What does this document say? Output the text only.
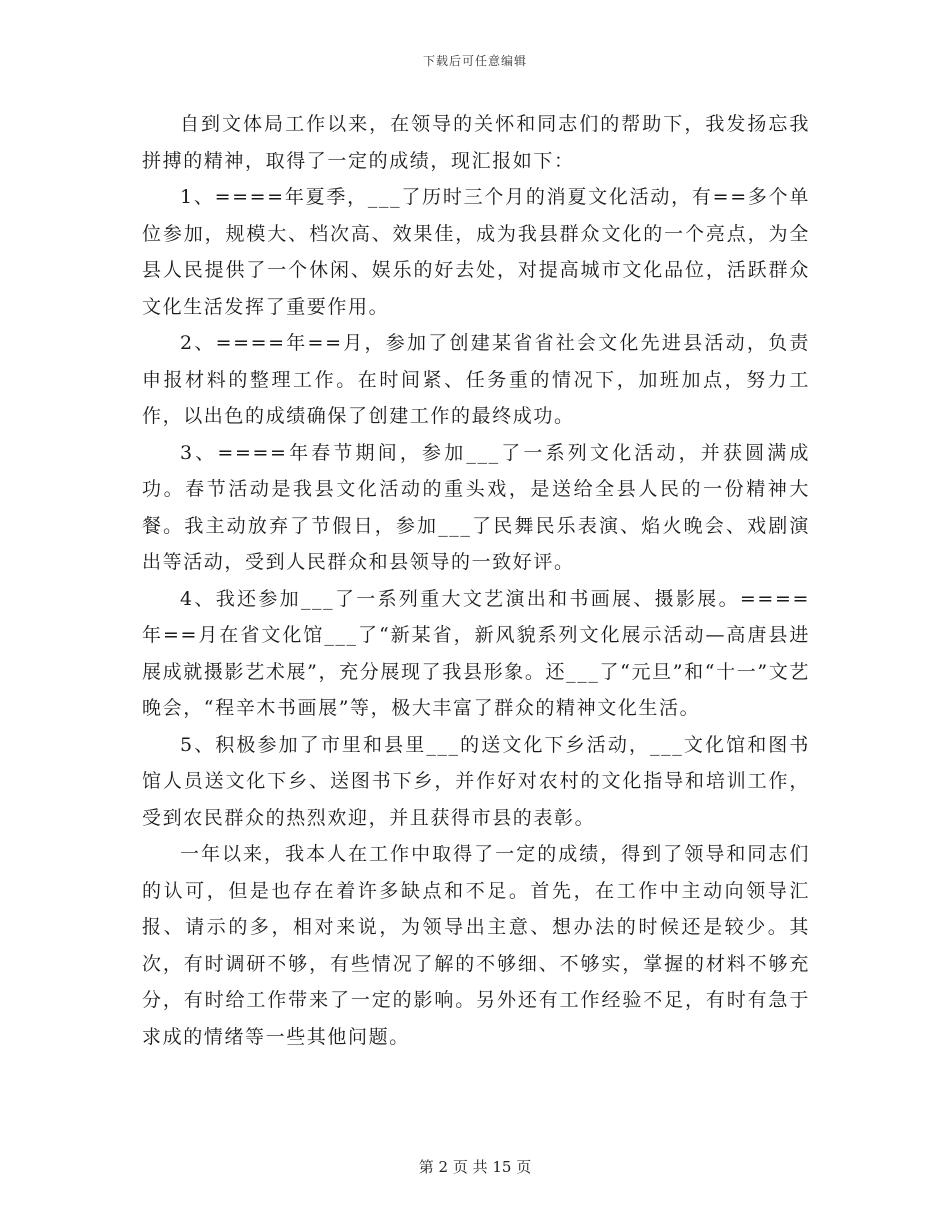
下载后可任意编辑

自到文体局工作以来，在领导的关怀和同志们的帮助下，我发扬忘我拼搏的精神，取得了一定的成绩，现汇报如下：

1、====年夏季，___了历时三个月的消夏文化活动，有==多个单位参加，规模大、档次高、效果佳，成为我县群众文化的一个亮点，为全县人民提供了一个休闲、娱乐的好去处，对提高城市文化品位，活跃群众文化生活发挥了重要作用。

2、====年==月，参加了创建某省省社会文化先进县活动，负责申报材料的整理工作。在时间紧、任务重的情况下，加班加点，努力工作，以出色的成绩确保了创建工作的最终成功。

3、====年春节期间，参加___了一系列文化活动，并获圆满成功。春节活动是我县文化活动的重头戏，是送给全县人民的一份精神大餐。我主动放弃了节假日，参加___了民舞民乐表演、焰火晚会、戏剧演出等活动，受到人民群众和县领导的一致好评。

4、我还参加___了一系列重大文艺演出和书画展、摄影展。====年==月在省文化馆___了“新某省，新风貌系列文化展示活动—高唐县进展成就摄影艺术展”，充分展现了我县形象。还___了“元旦”和“十一”文艺晚会，“程辛木书画展”等，极大丰富了群众的精神文化生活。

5、积极参加了市里和县里___的送文化下乡活动，___文化馆和图书馆人员送文化下乡、送图书下乡，并作好对农村的文化指导和培训工作，受到农民群众的热烈欢迎，并且获得市县的表彰。

一年以来，我本人在工作中取得了一定的成绩，得到了领导和同志们的认可，但是也存在着许多缺点和不足。首先，在工作中主动向领导汇报、请示的多，相对来说，为领导出主意、想办法的时候还是较少。其次，有时调研不够，有些情况了解的不够细、不够实，掌握的材料不够充分，有时给工作带来了一定的影响。另外还有工作经验不足，有时有急于求成的情绪等一些其他问题。

第 2 页 共 15 页
